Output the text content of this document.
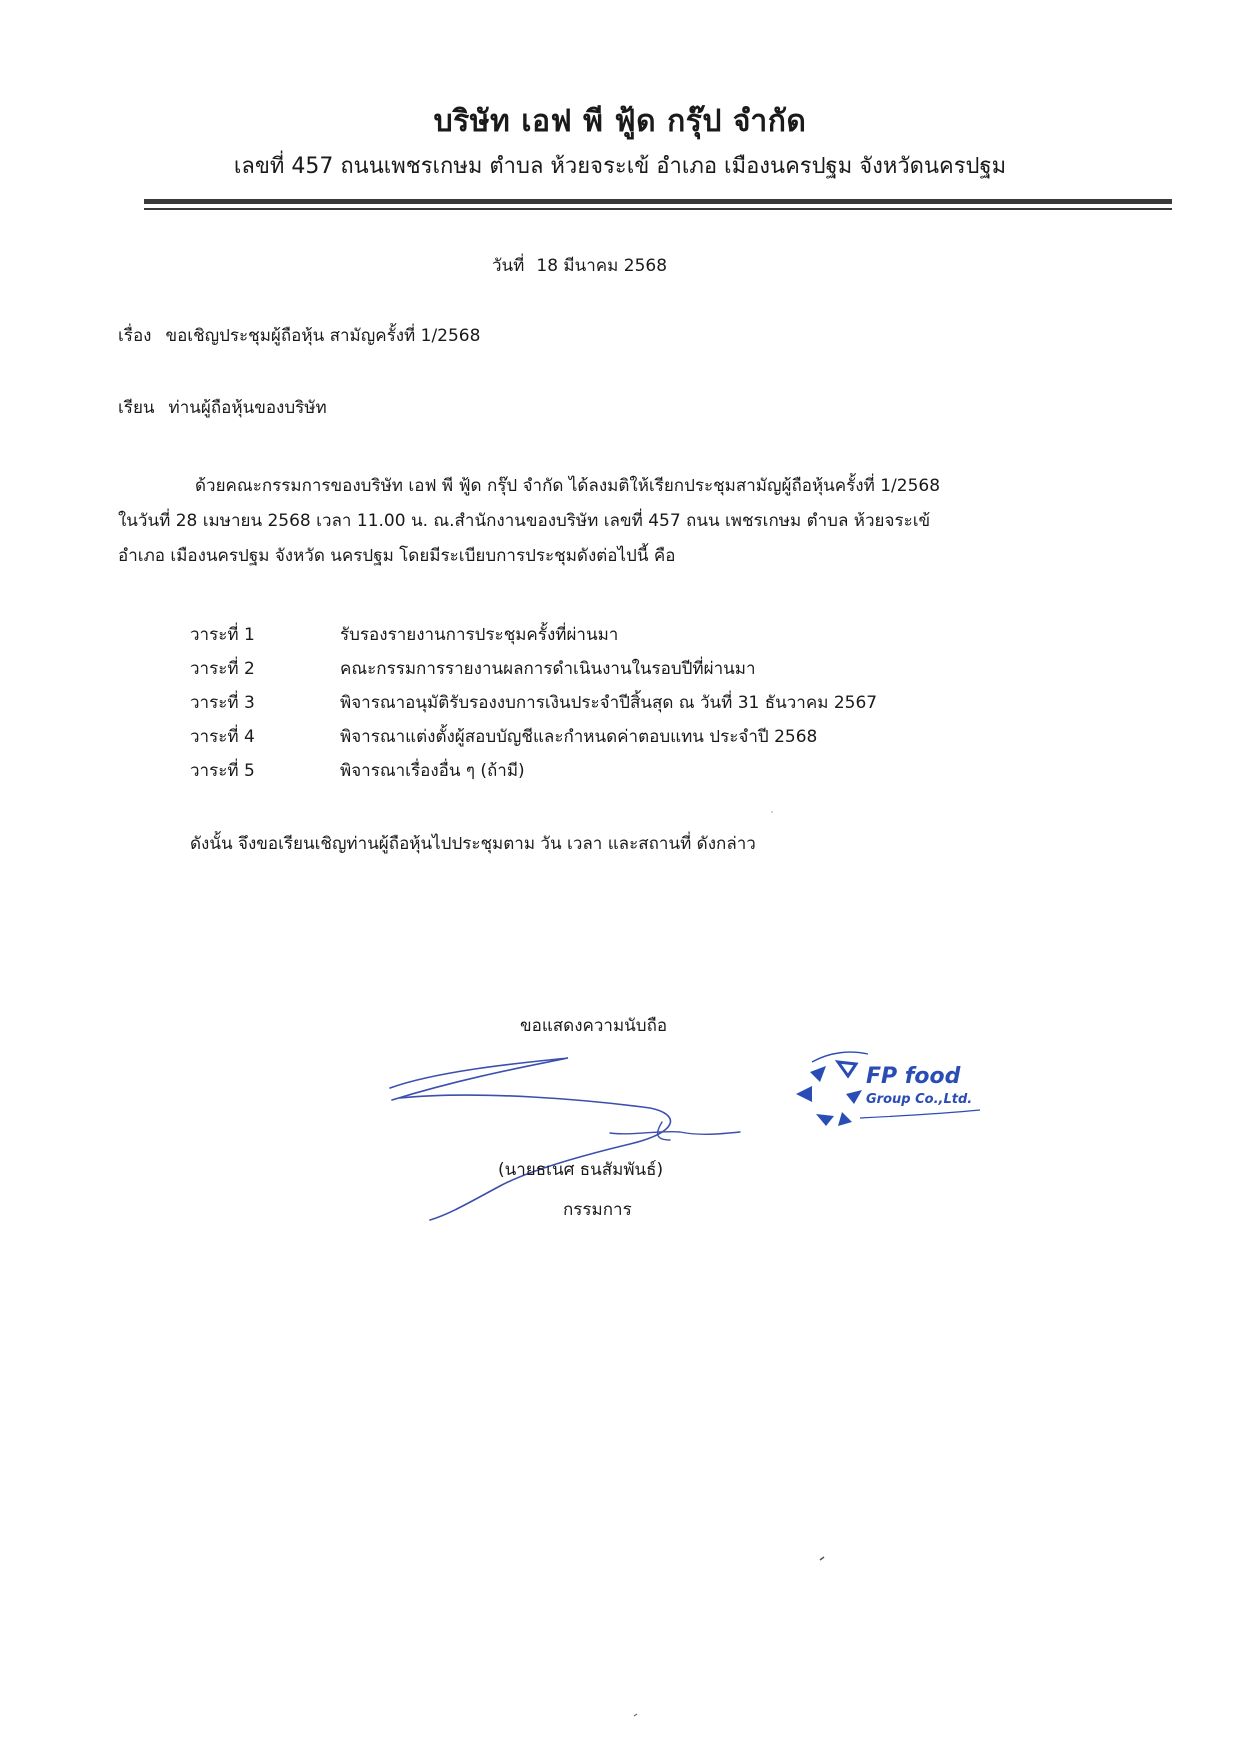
บริษัท เอฟ พี ฟู้ด กรุ๊ป จำกัด
เลขที่ 457 ถนนเพชรเกษม ตำบล ห้วยจระเข้ อำเภอ เมืองนครปฐม จังหวัดนครปฐม
วันที่ 18 มีนาคม 2568
เรื่อง ขอเชิญประชุมผู้ถือหุ้น สามัญครั้งที่ 1/2568
เรียน ท่านผู้ถือหุ้นของบริษัท
ด้วยคณะกรรมการของบริษัท เอฟ พี ฟู้ด กรุ๊ป จำกัด ได้ลงมติให้เรียกประชุมสามัญผู้ถือหุ้นครั้งที่ 1/2568
ในวันที่ 28 เมษายน 2568 เวลา 11.00 น. ณ.สำนักงานของบริษัท เลขที่ 457 ถนน เพชรเกษม ตำบล ห้วยจระเข้
อำเภอ เมืองนครปฐม จังหวัด นครปฐม โดยมีระเบียบการประชุมดังต่อไปนี้ คือ
วาระที่ 1	รับรองรายงานการประชุมครั้งที่ผ่านมา
วาระที่ 2	คณะกรรมการรายงานผลการดำเนินงานในรอบปีที่ผ่านมา
วาระที่ 3	พิจารณาอนุมัติรับรองงบการเงินประจำปีสิ้นสุด ณ วันที่ 31 ธันวาคม 2567
วาระที่ 4	พิจารณาแต่งตั้งผู้สอบบัญชีและกำหนดค่าตอบแทน ประจำปี 2568
วาระที่ 5	พิจารณาเรื่องอื่น ๆ (ถ้ามี)
ดังนั้น จึงขอเรียนเชิญท่านผู้ถือหุ้นไปประชุมตาม วัน เวลา และสถานที่ ดังกล่าว
ขอแสดงความนับถือ
(นายธเนศ ธนสัมพันธ์)
กรรมการ
FP food
Group Co.,Ltd.
